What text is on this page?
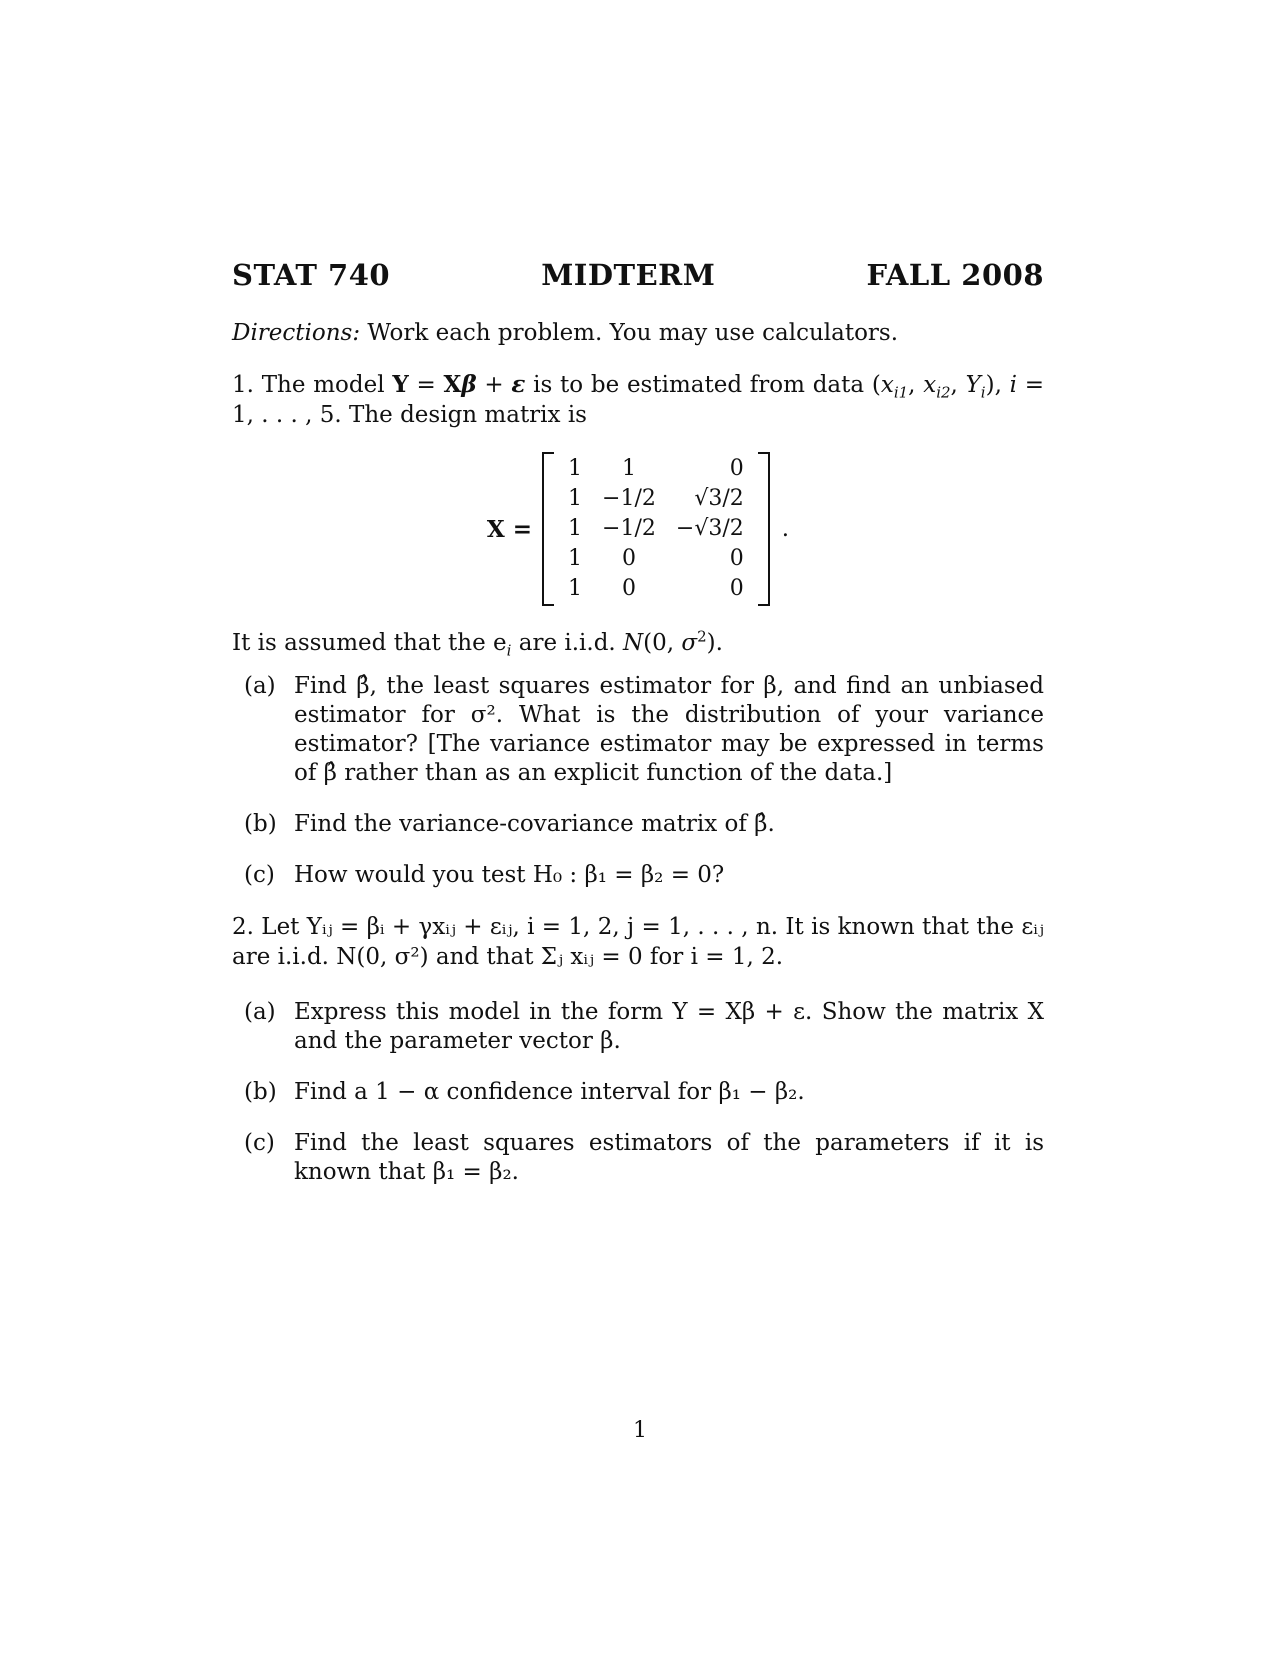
STAT 740	MIDTERM	FALL 2008
Directions: Work each problem. You may use calculators.
1. The model Y = Xβ + ε is to be estimated from data ($x_{i1}$, $x_{i2}$, $Y_i$), i = 1, . . . , 5. The design matrix is
X =
1	1	0
1	−1/2	√3/2
1	−1/2	−√3/2
1	0	0
1	0	0
.
It is assumed that the $e_i$ are i.i.d. N(0, $\sigma^2$).
(a) Find β̂, the least squares estimator for β, and find an unbiased estimator for σ². What is the distribution of your variance estimator? [The variance estimator may be expressed in terms of β̂ rather than as an explicit function of the data.]
(b) Find the variance-covariance matrix of β̂.
(c) How would you test H₀ : β₁ = β₂ = 0?
2. Let Yᵢⱼ = βᵢ + γxᵢⱼ + εᵢⱼ, i = 1, 2, j = 1, . . . , n. It is known that the εᵢⱼ are i.i.d. N(0, σ²) and that Σⱼ xᵢⱼ = 0 for i = 1, 2.
(a) Express this model in the form Y = Xβ + ε. Show the matrix X and the parameter vector β.
(b) Find a 1 − α confidence interval for β₁ − β₂.
(c) Find the least squares estimators of the parameters if it is known that β₁ = β₂.
1
